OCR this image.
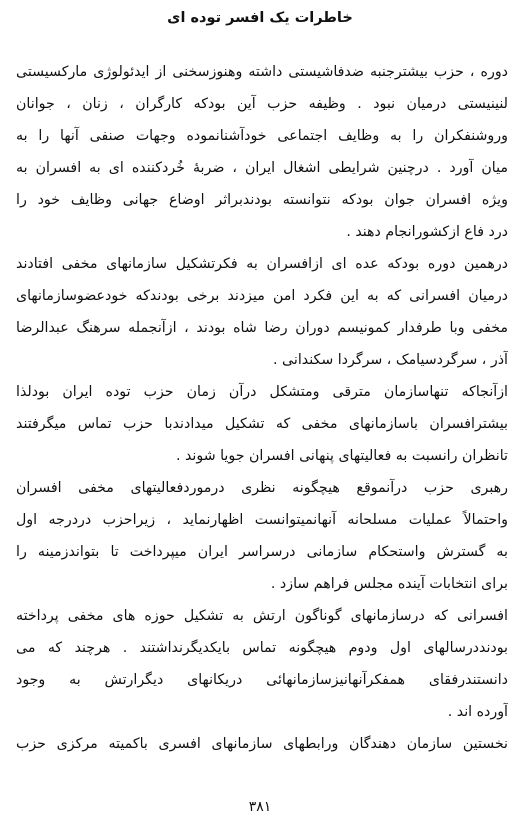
خاطرات یک افسر توده ای
دوره ، حزب بیشترجنبه ضدفاشیستی داشته وهنوزسخنی از ایدئولوژی مارکسیستی
لنینیستی درمیان نبود . وظیفه حزب آین بودکه کارگران ، زنان ، جوانان
وروشنفکران را به وظایف اجتماعی خودآشنانموده وجهات صنفی آنها را به
میان آورد . درچنین شرایطی اشغال ایران ، ضربهٔ خُردکننده ای به افسران به
ویژه افسران جوان بودکه نتوانسته بودندبراثر اوضاع جهانی وظایف خود را
درد فاع ازکشورانجام دهند .
درهمین دوره بودکه عده ای ازافسران به فکرتشکیل سازمانهای مخفی افتادند
درمیان افسرانی که به این فکرد امن میزدند برخی بودندکه خودعضوسازمانهای
مخفی وبا طرفدار کمونیسم دوران رضا شاه بودند ، ازآنجمله سرهنگ عبدالرضا
آذر ، سرگردسیامک ، سرگردا سکندانی .
ازآنجاکه تنهاسازمان مترقی ومتشکل درآن زمان حزب توده ایران بودلذا
بیشترافسران باسازمانهای مخفی که تشکیل میدادندبا حزب تماس میگرفتند
تانظران رانسبت به فعالیتهای پنهانی افسران جویا شوند .
رهبری حزب درآنموقع هیچگونه نظری درموردفعالیتهای مخفی افسران
واحتمالاً عملیات مسلحانه آنهانمیتوانست اظهارنماید ، زیراحزب دردرجه اول
به گسترش واستحکام سازمانی درسراسر ایران میپرداخت تا بتواندزمینه را
برای انتخابات آینده مجلس فراهم سازد .
افسرانی که درسازمانهای گوناگون ارتش به تشکیل حوزه های مخفی پرداخته
بودنددرسالهای اول ودوم هیچگونه تماس بایکدیگرنداشتند . هرچند که می
دانستندرفقای همفکرآنهانیزسازمانهائی دریکانهای دیگرارتش به وجود
آورده اند .
نخستین سازمان دهندگان ورابطهای سازمانهای افسری باکمیته مرکزی حزب
۳۸۱
